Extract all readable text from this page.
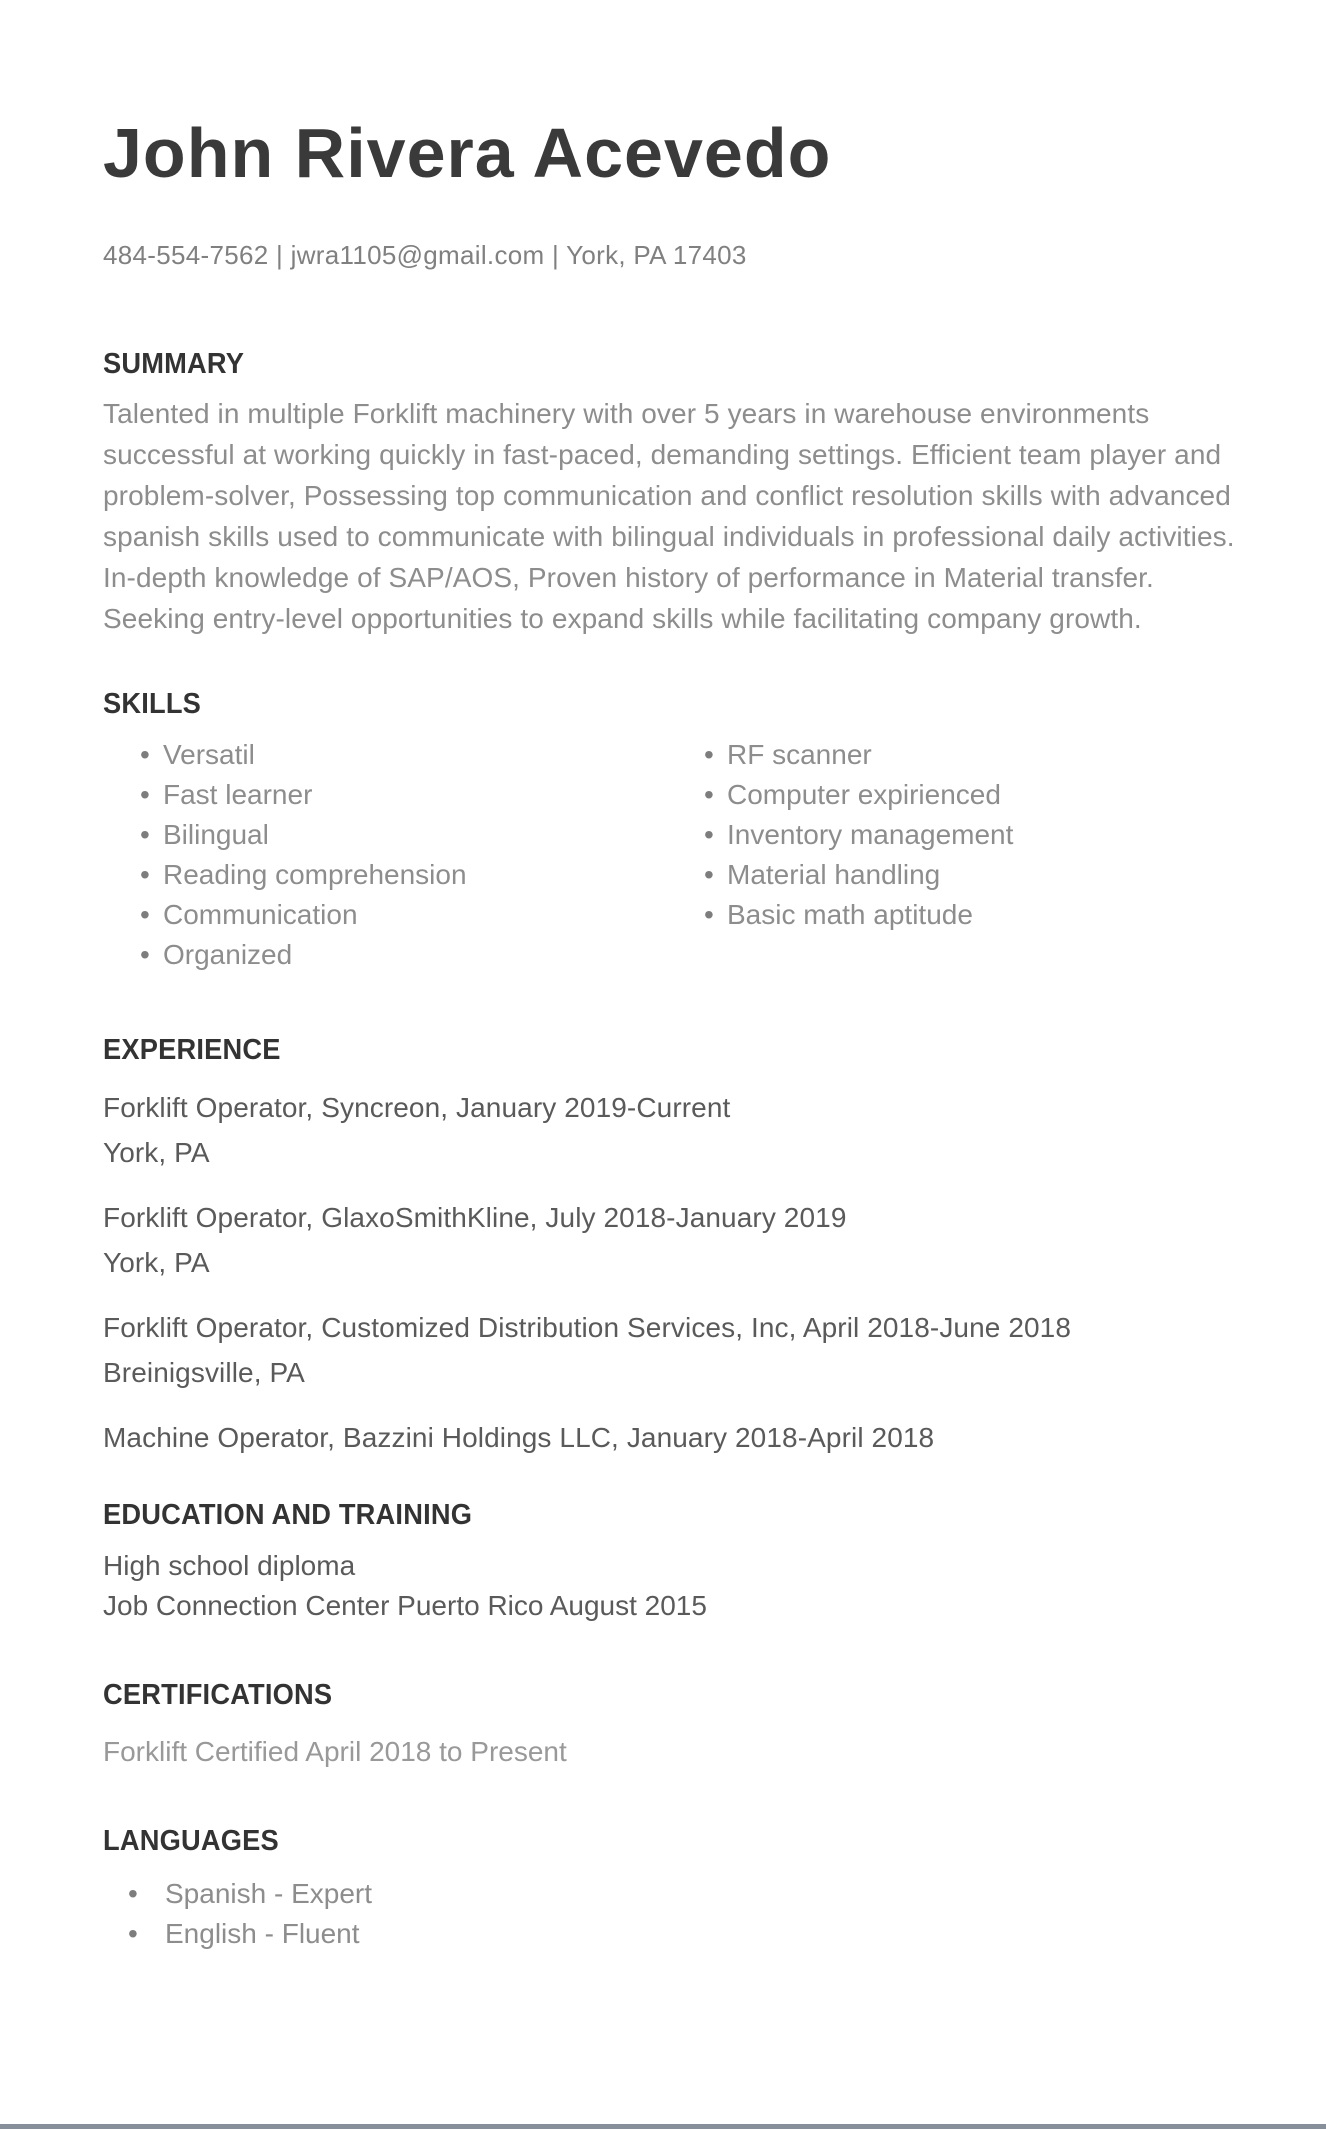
John Rivera Acevedo
484-554-7562 | jwra1105@gmail.com | York, PA 17403
SUMMARY
Talented in multiple Forklift machinery with over 5 years in warehouse environments successful at working quickly in fast-paced, demanding settings. Efficient team player and problem-solver, Possessing top communication and conflict resolution skills with advanced spanish skills used to communicate with bilingual individuals in professional daily activities. In-depth knowledge of SAP/AOS, Proven history of performance in Material transfer. Seeking entry-level opportunities to expand skills while facilitating company growth.
SKILLS
• Versatil
• Fast learner
• Bilingual
• Reading comprehension
• Communication
• Organized
• RF scanner
• Computer expirienced
• Inventory management
• Material handling
• Basic math aptitude
EXPERIENCE
Forklift Operator, Syncreon, January 2019-Current
York, PA
Forklift Operator, GlaxoSmithKline, July 2018-January 2019
York, PA
Forklift Operator, Customized Distribution Services, Inc, April 2018-June 2018
Breinigsville, PA
Machine Operator, Bazzini Holdings LLC, January 2018-April 2018
EDUCATION AND TRAINING
High school diploma
Job Connection Center Puerto Rico August 2015
CERTIFICATIONS
Forklift Certified April 2018 to Present
LANGUAGES
• Spanish - Expert
• English - Fluent
